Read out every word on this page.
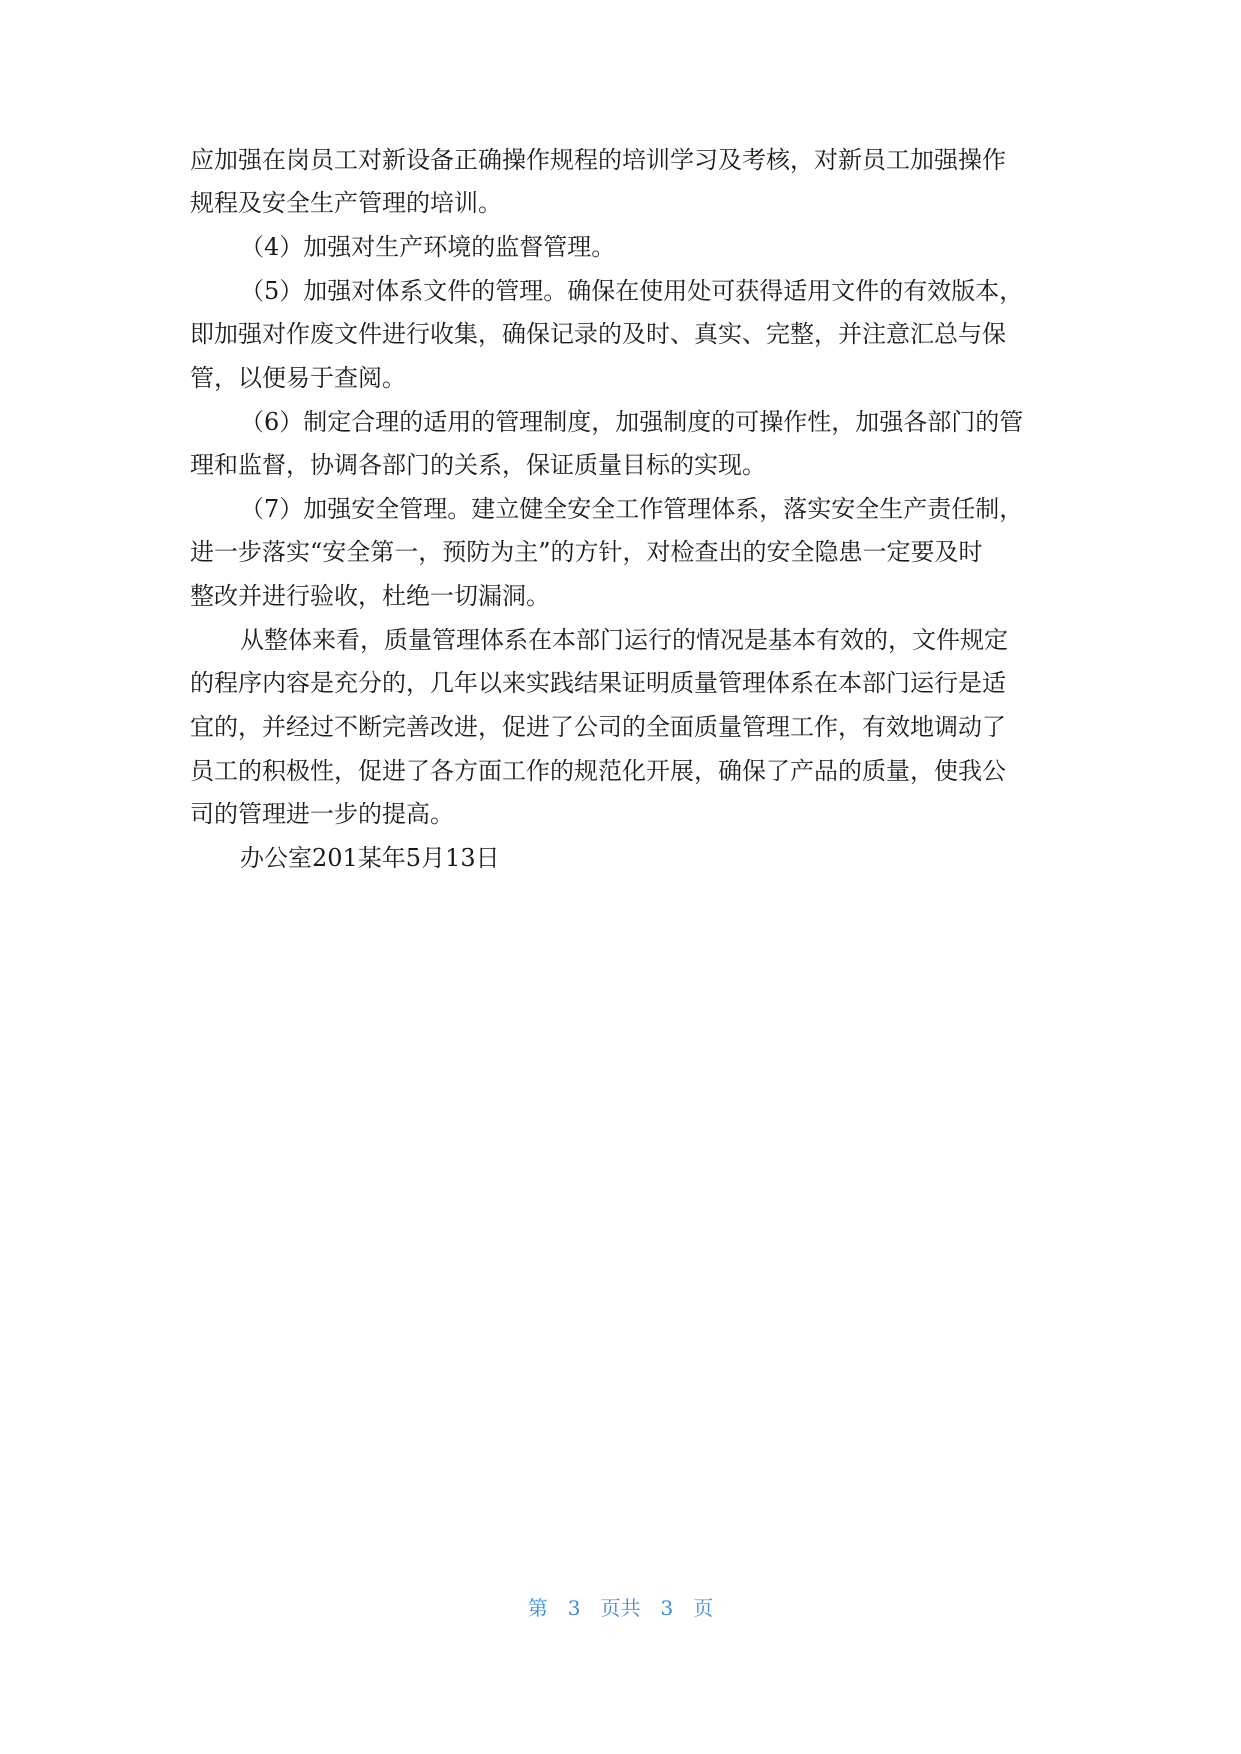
应加强在岗员工对新设备正确操作规程的培训学习及考核，对新员工加强操作
规程及安全生产管理的培训。
（4）加强对生产环境的监督管理。
（5）加强对体系文件的管理。确保在使用处可获得适用文件的有效版本，
即加强对作废文件进行收集，确保记录的及时、真实、完整，并注意汇总与保
管，以便易于查阅。
（6）制定合理的适用的管理制度，加强制度的可操作性，加强各部门的管
理和监督，协调各部门的关系，保证质量目标的实现。
（7）加强安全管理。建立健全安全工作管理体系，落实安全生产责任制，
进一步落实“安全第一，预防为主”的方针，对检查出的安全隐患一定要及时
整改并进行验收，杜绝一切漏洞。
从整体来看，质量管理体系在本部门运行的情况是基本有效的，文件规定
的程序内容是充分的，几年以来实践结果证明质量管理体系在本部门运行是适
宜的，并经过不断完善改进，促进了公司的全面质量管理工作，有效地调动了
员工的积极性，促进了各方面工作的规范化开展，确保了产品的质量，使我公
司的管理进一步的提高。
办公室201某年5月13日
第 3 页共 3 页
